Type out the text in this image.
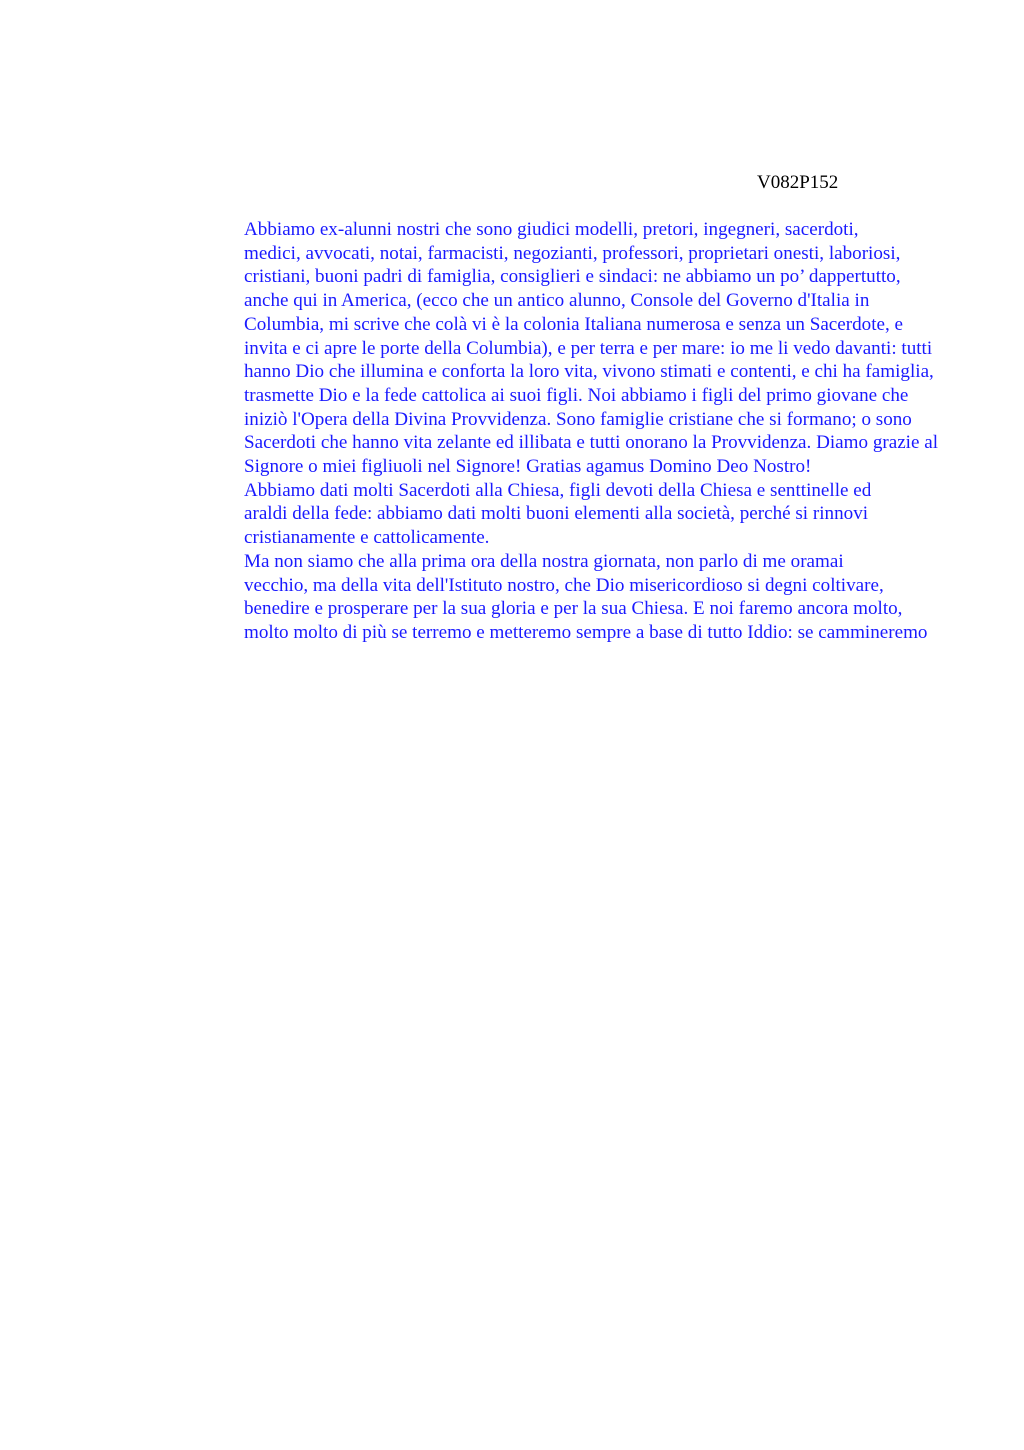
V082P152

Abbiamo ex-alunni nostri che sono giudici modelli, pretori, ingegneri, sacerdoti,
medici, avvocati, notai, farmacisti, negozianti, professori, proprietari onesti, laboriosi,
cristiani, buoni padri di famiglia, consiglieri e sindaci: ne abbiamo un po’ dappertutto,
anche qui in America, (ecco che un antico alunno, Console del Governo d'Italia in
Columbia, mi scrive che colà vi è la colonia Italiana numerosa e senza un Sacerdote, e
invita e ci apre le porte della Columbia), e per terra e per mare: io me li vedo davanti: tutti
hanno Dio che illumina e conforta la loro vita, vivono stimati e contenti, e chi ha famiglia,
trasmette Dio e la fede cattolica ai suoi figli. Noi abbiamo i figli del primo giovane che
iniziò l'Opera della Divina Provvidenza. Sono famiglie cristiane che si formano; o sono
Sacerdoti che hanno vita zelante ed illibata e tutti onorano la Provvidenza. Diamo grazie al
Signore o miei figliuoli nel Signore! Gratias agamus Domino Deo Nostro!

Abbiamo dati molti Sacerdoti alla Chiesa, figli devoti della Chiesa e senttinelle ed
araldi della fede: abbiamo dati molti buoni elementi alla società, perché si rinnovi
cristianamente e cattolicamente.

Ma non siamo che alla prima ora della nostra giornata, non parlo di me oramai
vecchio, ma della vita dell'Istituto nostro, che Dio misericordioso si degni coltivare,
benedire e prosperare per la sua gloria e per la sua Chiesa. E noi faremo ancora molto,
molto molto di più se terremo e metteremo sempre a base di tutto Iddio: se cammineremo
